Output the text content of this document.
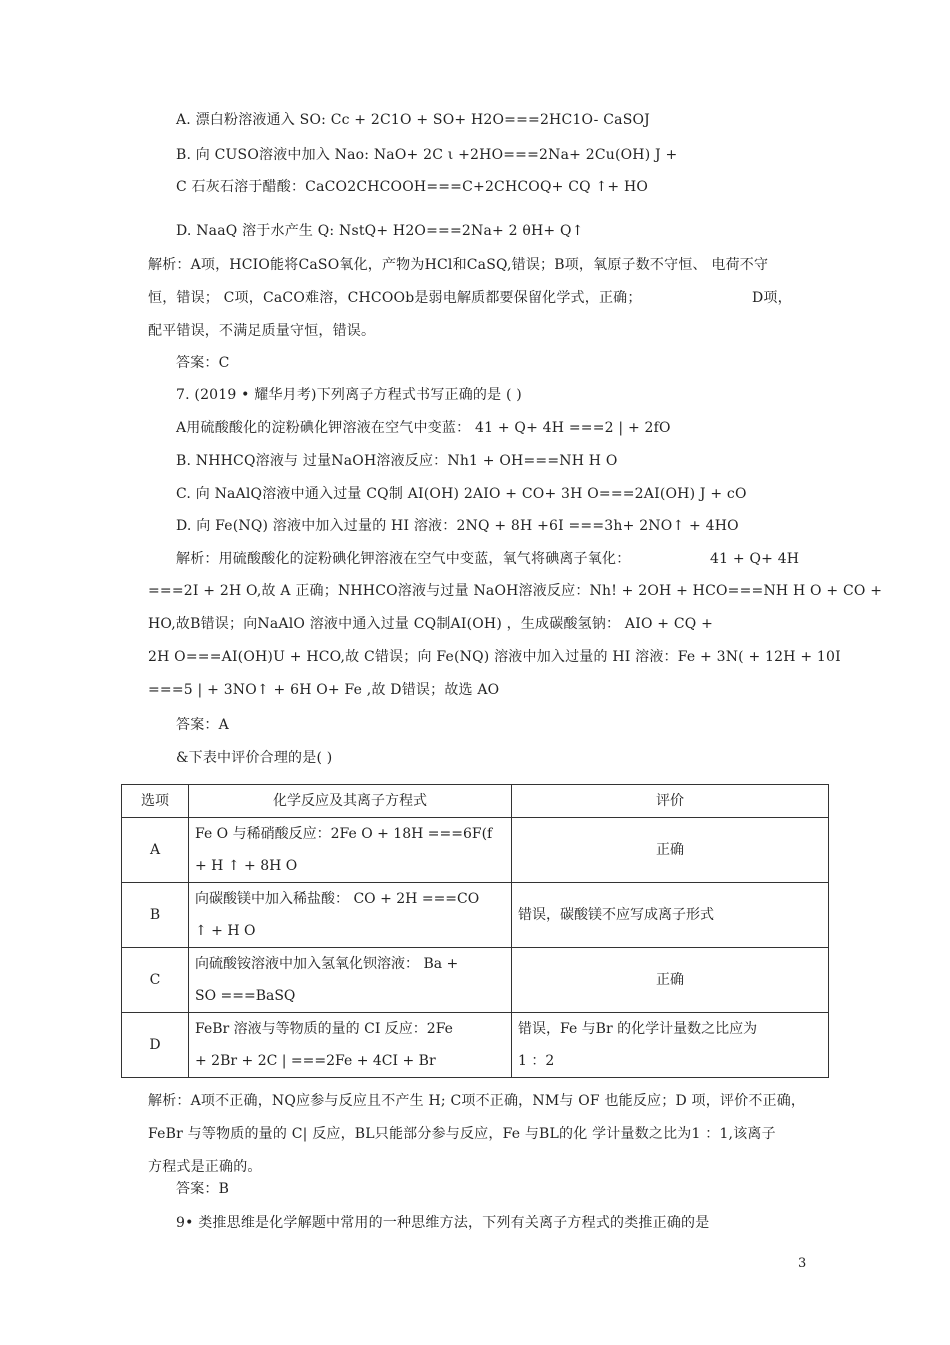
A. 漂白粉溶液通入 SO: Cc + 2C1O + SO+ H2O===2HC1O- CaSOJ
B. 向 CUSO溶液中加入 Nao: NaO+ 2C ι +2HO===2Na+ 2Cu(OH) J +
C 石灰石溶于醋酸：CaCO2CHCOOH===C+2CHCOQ+ CQ ↑+ HO
D. NaaQ 溶于水产生 Q: NstQ+ H2O===2Na+ 2 θH+ Q↑
解析：A项，HCIO能将CaSO氧化，产物为HCl和CaSQ,错误；B项，氧原子数不守恒、 电荷不守
恒，错误； C项，CaCO难溶，CHCOOb是弱电解质都要保留化学式，正确；	D项，
配平错误，不满足质量守恒，错误。
答案：C
7. (2019 • 耀华月考)下列离子方程式书写正确的是 ( )
A用硫酸酸化的淀粉碘化钾溶液在空气中变蓝： 41 + Q+ 4H ===2 | + 2fO
B. NHHCQ溶液与 过量NaOH溶液反应：Nh1 + OH===NH H O
C. 向 NaAlQ溶液中通入过量 CQ制 AI(OH) 2AIO + CO+ 3H O===2AI(OH) J + cO
D. 向 Fe(NQ) 溶液中加入过量的 HI 溶液：2NQ + 8H +6I ===3h+ 2NO↑ + 4HO
解析：用硫酸酸化的淀粉碘化钾溶液在空气中变蓝，氧气将碘离子氧化：	41 + Q+ 4H
===2I + 2H O,故 A 正确；NHHCO溶液与过量 NaOH溶液反应：Nh! + 2OH + HCO===NH H O + CO +
HO,故B错误；向NaAlO 溶液中通入过量 CQ制AI(OH) ，生成碳酸氢钠： AIO + CQ +
2H O===AI(OH)U + HCO,故 C错误；向 Fe(NQ) 溶液中加入过量的 HI 溶液：Fe + 3N( + 12H + 10I
===5 | + 3NO↑ + 6H O+ Fe ,故 D错误；故选 AO
答案：A
&下表中评价合理的是( )
选项	化学反应及其离子方程式	评价
A	Fe O 与稀硝酸反应：2Fe O + 18H ===6F(f
+ H ↑ + 8H O	正确
B	向碳酸镁中加入稀盐酸： CO + 2H ===CO
↑ + H O	错误，碳酸镁不应写成离子形式
C	向硫酸铵溶液中加入氢氧化钡溶液： Ba +
SO ===BaSQ	正确
D	FeBr 溶液与等物质的量的 CI 反应：2Fe
+ 2Br + 2C | ===2Fe + 4CI + Br	错误，Fe 与Br 的化学计量数之比应为
1 ：2
解析：A项不正确，NQ应参与反应且不产生 H; C项不正确，NM与 OF 也能反应；D 项，评价不正确，
FeBr 与等物质的量的 C| 反应，BL只能部分参与反应，Fe 与BL的化 学计量数之比为1 ：1,该离子
方程式是正确的。
答案：B
9• 类推思维是化学解题中常用的一种思维方法，下列有关离子方程式的类推正确的是
3
